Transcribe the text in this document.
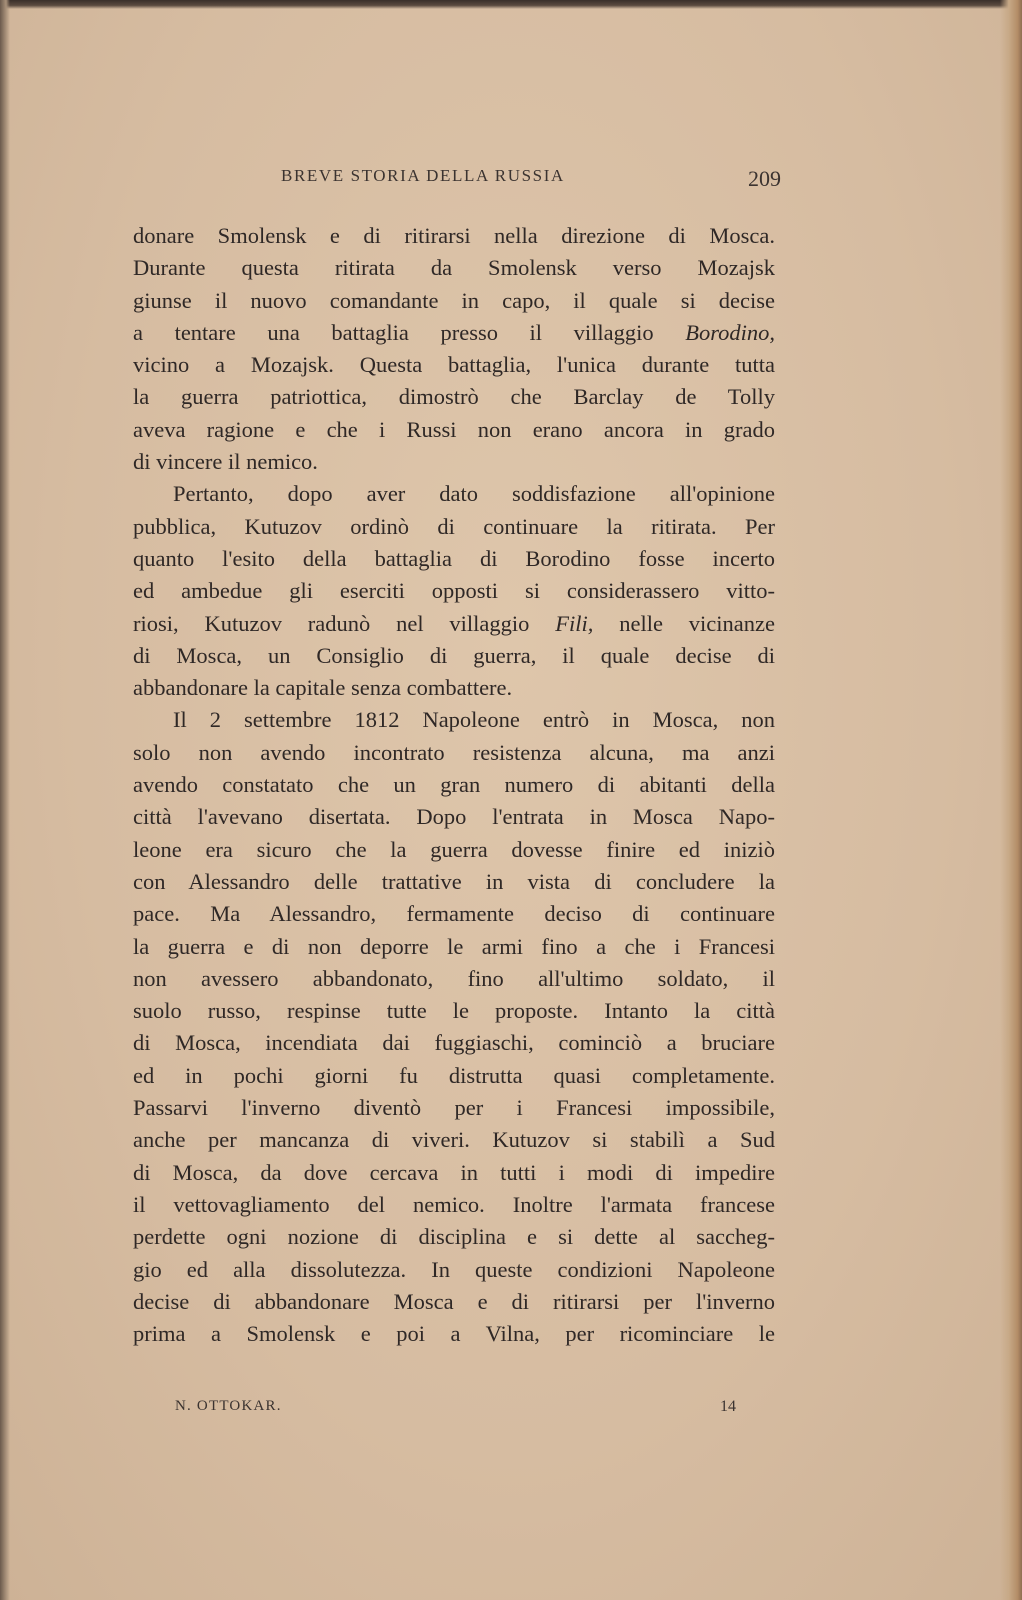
BREVE STORIA DELLA RUSSIA	209
donare Smolensk e di ritirarsi nella direzione di Mosca.
Durante questa ritirata da Smolensk verso Mozajsk
giunse il nuovo comandante in capo, il quale si decise
a tentare una battaglia presso il villaggio Borodino,
vicino a Mozajsk. Questa battaglia, l'unica durante tutta
la guerra patriottica, dimostrò che Barclay de Tolly
aveva ragione e che i Russi non erano ancora in grado
di vincere il nemico.
Pertanto, dopo aver dato soddisfazione all'opinione
pubblica, Kutuzov ordinò di continuare la ritirata. Per
quanto l'esito della battaglia di Borodino fosse incerto
ed ambedue gli eserciti opposti si considerassero vitto-
riosi, Kutuzov radunò nel villaggio Fili, nelle vicinanze
di Mosca, un Consiglio di guerra, il quale decise di
abbandonare la capitale senza combattere.
Il 2 settembre 1812 Napoleone entrò in Mosca, non
solo non avendo incontrato resistenza alcuna, ma anzi
avendo constatato che un gran numero di abitanti della
città l'avevano disertata. Dopo l'entrata in Mosca Napo-
leone era sicuro che la guerra dovesse finire ed iniziò
con Alessandro delle trattative in vista di concludere la
pace. Ma Alessandro, fermamente deciso di continuare
la guerra e di non deporre le armi fino a che i Francesi
non avessero abbandonato, fino all'ultimo soldato, il
suolo russo, respinse tutte le proposte. Intanto la città
di Mosca, incendiata dai fuggiaschi, cominciò a bruciare
ed in pochi giorni fu distrutta quasi completamente.
Passarvi l'inverno diventò per i Francesi impossibile,
anche per mancanza di viveri. Kutuzov si stabilì a Sud
di Mosca, da dove cercava in tutti i modi di impedire
il vettovagliamento del nemico. Inoltre l'armata francese
perdette ogni nozione di disciplina e si dette al saccheg-
gio ed alla dissolutezza. In queste condizioni Napoleone
decise di abbandonare Mosca e di ritirarsi per l'inverno
prima a Smolensk e poi a Vilna, per ricominciare le
N. OTTOKAR.	14
